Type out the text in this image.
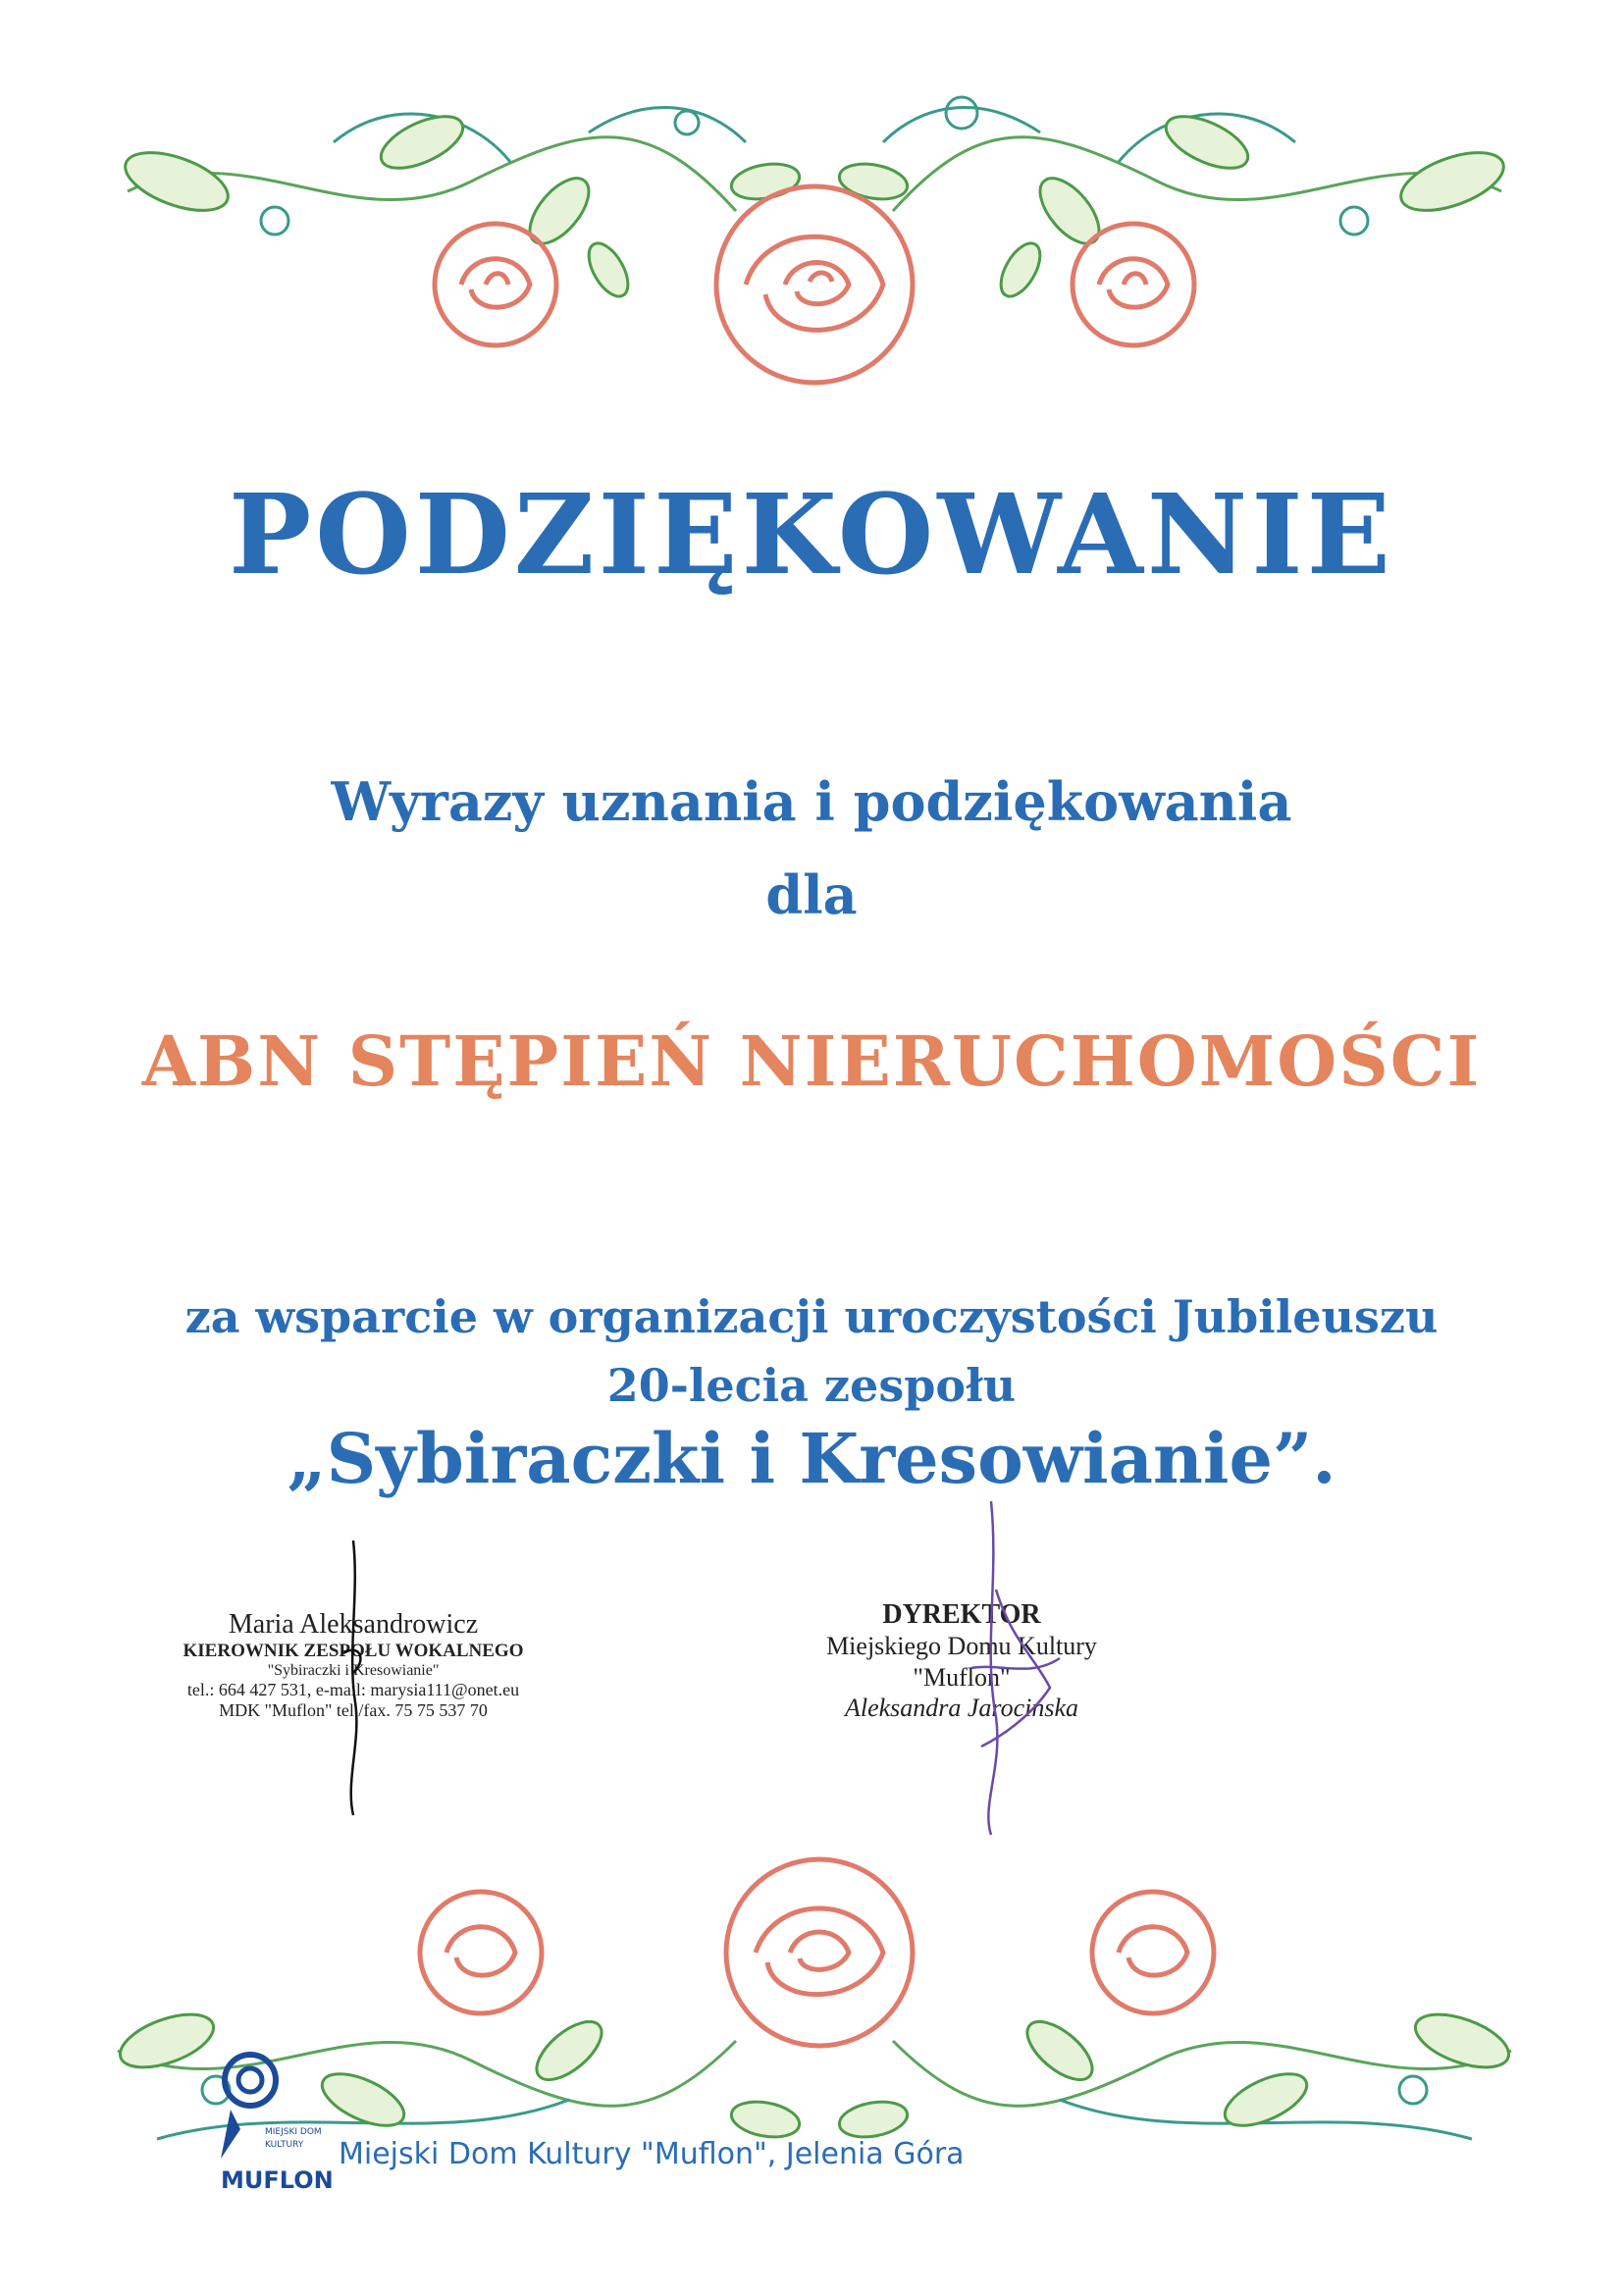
PODZIĘKOWANIE
Wyrazy uznania i podziękowania
dla
ABN STĘPIEŃ NIERUCHOMOŚCI
za wsparcie w organizacji uroczystości Jubileuszu
20-lecia zespołu
„Sybiraczki i Kresowianie”.
Maria Aleksandrowicz
KIEROWNIK ZESPOŁU WOKALNEGO
"Sybiraczki i Kresowianie"
tel.: 664 427 531, e-mail: marysia111@onet.eu
MDK "Muflon" tel./fax. 75 75 537 70
DYREKTOR
Miejskiego Domu Kultury
"Muflon"
Aleksandra Jarocińska
MIEJSKI DOM
KULTURY
MUFLON
Miejski Dom Kultury "Muflon", Jelenia Góra
